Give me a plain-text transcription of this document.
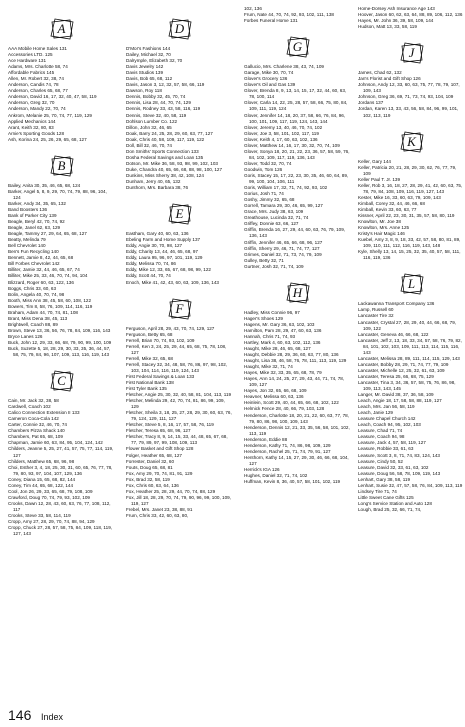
A

AAA Mobile Home Sales 131

Accessories LTD. 125

Ace Hardware 131

Adams, Mrs. Charlotte 58, 74

Affordable Fabrics 145

Allen, Mr. Robert 32, 38, 74

Anderson, Candis 74, 78

Anderson, Charles 65, 68, 77

Anderson, David 16, 17, 32, 40, 47, 58, 119

Anderson, Greg 32, 70

Anderson, Mandy 22, 70, 74

Ankrom, Melanie 25, 70, 74, 77, 119, 129

Applied Mechanics 144

Arant, Keith 32, 80, 83

Arnie's Sporting Goods 128

Ash, Korina 24, 25, 26, 29, 65, 68, 127

B

Bailey, Anita 30, 35, 46, 65, 68, 124

Barker, Angel 5, 8, 9, 29, 70, 74, 79, 88, 96, 104, 124

Barker, Andy 34, 35, 65, 132

Band Boosters 136

Bank of Parker City 139

Beagle, Beryl 42, 70, 74, 92

Beagle, Janel 62, 63, 129

Beagle, Tammy 27, 29, 64, 65, 68, 127

Beatty, Melinda 79

Bell Chevrolet 140

Ben's Fun Recycling 140

Bennett, Jamie 8, 42, 44, 65, 68

Bill Forbes Chevrolet 142

Billiter, Jamie 32, 44, 46, 65, 67, 74

Billiter, Mike 25, 33, 46, 70, 74, 94, 104

Blizzard, Roger 60, 63, 122, 136

Boggs, Chris 33, 60, 63

Bolin, Angela 40, 70, 74, 98

Booth, Miss Ann 38, 45, 58, 60, 108, 122

Bowers, Tim 8, 58, 76, 109, 114, 116, 119

Braham, Adam 44, 70, 74, 81, 108

Brant, Miss Dena 38, 45, 113

Brightwell, Coach 88, 89

Brown, Steve 13, 36, 56, 76, 78, 84, 109, 116, 143

Bryce Lanes 126

Buck, John 12, 29, 33, 66, 68, 79, 90, 99, 100, 109

Buck, Suzette 5, 18, 28, 29, 30, 33, 35, 36, 44, 57, 58, 75, 79, 84, 96, 107, 109, 113, 116, 119, 143

C

Cain, Mr. Jack 32, 38, 58

Cardwell, Coach 102

Calico Connection Extension II 133

Cameron Coca-Cola 142

Carter, Connie 32, 46, 70, 74

Chambers Pizza Shack 140

Chambers, Pat 65, 68, 109

Chapman, Jamie 60, 63, 84, 95, 104, 124, 142

Childers, Jeanne 5, 25, 27, 41, 57, 75, 77, 114, 119, 127

Childers, Matthew 65, 68, 96, 98

Choi, Esther 3, 4, 18, 25, 30, 31, 60, 65, 76, 77, 78, 79, 80, 93, 97, 104, 107, 129, 136

Coney, Diana 15, 65, 68, 82, 144

Coney, Tim 44, 65, 68, 122, 144

Cool, Jon 26, 29, 33, 65, 68, 79, 108, 109

Crawford, Doug 70, 74, 79, 93, 102, 109

Crooks, Dawn 12, 28, 43, 60, 63, 76, 77, 108, 112, 117

Crooks, Steve 33, 58, 114, 119

Cropp, Amy 27, 28, 29, 70, 74, 88, 94, 129

Cropp, Chuck 27, 28, 57, 58, 75, 84, 109, 118, 119, 127, 143

D

D'Mor's Fashions 144

Dailey, Michael 32, 70

Dalrymple, Elizabeth 32, 70

Davis Jewelry 142

Davis Studios 139

Davis, Bob 65, 68, 112

Davis, Jason 3, 12, 32, 57, 58, 66, 119

Dawson, Roy 118

Dennis, Bobby 32, 45, 70, 74

Dennis, Lisa 28, 44, 70, 74, 129

Dennis, Rodney 33, 43, 58, 116, 119

Dennis, Steve 32, 40, 58, 119

Dohlson Lumber Co. 122

Dillon, John 32, 46, 65

Doak, Barry 24, 25, 28, 29, 60, 63, 77, 127

Doak, Chris 40, 58, 109, 117, 119, 122

Doll, Bill 32, 46, 70, 74

Don Smiths' Sports Connection 133

Dosha Federal Savings and Loan 135

Dotson, Mr. Mike 36, 58, 93, 98, 99, 102, 103

Duke, Chandra 40, 65, 66, 68, 88, 98, 100, 127

Dunkins, Miss Sherry 38, 42, 108, 124

Dunham, Jerry 40, 65, 132

Dunthorn, Mrs. Barbara 38, 76

E

Eastham, Gary 40, 60, 63, 136

Ebeling Farm and Home Supply 137

Eddy, Angie 30, 70, 98, 127

Eddy, Charity 13, 44, 46, 65, 68, 97

Eddy, Laura 95, 96, 97, 101, 119, 129

Eddy, Melissa 70, 74, 86

Eddy, Mike 12, 33, 65, 67, 68, 98, 99, 122

Eddy, Scott 44, 70, 74

Enoch, Mike 41, 42, 43, 60, 63, 109, 136, 143

F

Ferguson, April 28, 29, 43, 70, 74, 129, 127

Ferguson, Betty 65, 68

Ferrell, Brian 70, 74, 93, 102, 109

Ferrell, Ken 3, 24, 25, 29, 44, 65, 68, 75, 78, 108, 127

Ferrell, Mike 32, 65, 68

Ferrell, Stacey 32, 34, 48, 58, 76, 86, 97, 98, 102, 103, 104, 114, 116, 119, 124, 143

First Federal Savings & Loan 133

First National Bank 138

First Tyler Bank 135

Fletcher, Angie 25, 30, 32, 40, 58, 81, 104, 113, 119

Fletcher, Melinda 29, 42, 70, 74, 81, 86, 99, 109, 129

Fletcher, Sheila 3, 18, 25, 27, 28, 29, 30, 60, 63, 76, 79, 124, 129, 111, 127

Fletcher, Steve 5, 8, 16, 17, 57, 58, 76, 119

Fletcher, Teresa 65, 68, 96, 127

Fletcher, Tracy 8, 9, 14, 15, 33, 44, 48, 65, 67, 68, 77, 79, 89, 97, 99, 108, 109, 113

Flower Basket and Gift Shop 128

Folger, Heather 65, 68, 127

Forrester, Daniel 32, 60

Fouts, Doug 65, 68, 81

Fox, Amy 29, 70, 74, 81, 91, 129

Fox, Brad 32, 58, 119

Fox, Chris 60, 63, 64, 136

Fox, Heather 25, 28, 29, 44, 70, 74, 88, 129

Fox, Jill 18, 28, 29, 70, 74, 79, 90, 96, 99, 100, 109, 119, 127

Frebel, Mrs. Janet 23, 38, 88, 91

Frum, Chris 33, 42, 60, 63, 80,

102, 136

Frum, Nate 44, 70, 74, 92, 93, 102, 111, 138

Forbes Funeral Home 131

G

Gallucio, Mrs. Charlene 38, 43, 74, 109

Garage, Mike 30, 70, 74

Glover's Grocery 136

Glover's Oil and Gas 139

Glover, Brenda 8, 9, 13, 14, 15, 17, 32, 44, 60, 63, 78, 100, 114

Glover, Carla 14, 22, 25, 28, 57, 58, 66, 75, 80, 84, 109, 111, 119, 124

Glover, Jennifer 14, 18, 20, 37, 58, 66, 76, 84, 96, 100, 101, 109, 117, 119, 124, 143, 144

Glover, Jeremy 13, 40, 46, 70, 74, 102

Glover, Joe 3, 58, 101, 102, 117, 119

Glover, Keith 4, 17, 60, 63, 102, 136

Glover, Matthew 14, 16, 17, 30, 32, 70, 74, 109

Glover, Sonya 18, 20, 21, 22, 23, 36, 57, 58, 59, 76, 84, 102, 109, 117, 119, 136, 143

Glover, Todd 32, 70, 74

Goodwin, Tom 126

Goris, Stacey 15, 17, 22, 23, 30, 35, 46, 60, 64, 89, 99, 100, 104, 106, 111

Goris, William 17, 32, 71, 74, 92, 93, 102

Gorius, Josh 71, 74

Goshy, Jimmy 32, 65, 68

Gorrell, Tamara 29, 30, 46, 65, 99, 127

Grace, Mrs. Judy 38, 63, 109

Greathouse, Lucinda 32, 71, 74

Griffey, Donnie 63, 66, 127

Griffin, Brenda 16, 27, 29, 44, 60, 63, 76, 79, 109, 136, 143

Griffin, Jennifer 46, 65, 66, 68, 96, 127

Griffin, Sherry 29, 46, 71, 74, 77, 127

Grimes, Daniel 32, 71, 73, 74, 79, 109

Gulley, Betty 32, 71

Gurtner, Josh 32, 71, 74, 109

H

Hadley, Miss Connie 96, 97

Hager's Shoes 129

Hagens, Mr. Gary 36, 63, 102, 103

Hamilton, Pam 28, 29, 47, 60, 63, 136

Hannah, Chris 71, 74, 93

Hartley, Mark 4, 60, 63, 102, 112, 136

Haught, Mike 28, 46, 65, 68, 127

Haught, Debbie 28, 29, 36, 60, 63, 77, 80, 136

Haught, Lisa 38, 46, 58, 76, 78, 111, 113, 119, 129

Haught, Mike 32, 71, 74

Hayes, Mike 32, 33, 35, 65, 68, 78, 79

Hayes, Ann 14, 24, 25, 27, 29, 43, 44, 71, 74, 78, 109, 127

Hayes, Jon 32, 65, 66, 68, 109

Heavner, Melissa 60, 63, 136

Heinlein, Scott 29, 40, 44, 65, 66, 68, 102, 122

Helmick Fence 28, 40, 66, 79, 103, 128

Henderson, Charlotte 18, 20, 21, 22, 60, 63, 77, 78, 79, 80, 86, 98, 100, 109, 143

Henderson, Dennis 12, 21, 33, 35, 56, 58, 101, 102, 113, 119

Henderson, Eddie 88

Henderson, Kathy 71, 74, 86, 98, 109, 129

Henderson, Rachel 25, 71, 74, 79, 91, 127

Henthorn, Kathy 14, 15, 27, 29, 30, 46, 66, 68, 104, 127

Herrick's IGA 126

Hughes, Daniel 32, 71, 74, 102

Huffman, Kevin 8, 36, 40, 57, 58, 101, 102, 119

Home-Dorsey Ash Insurance Age 143

Hoover, Jason 60, 62, 63, 64, 88, 89, 106, 112, 136

Hayes, Mr. John 36, 39, 58, 109, 144

Hudson, Matt 13, 33, 58, 119

J

James, Chad 62, 132

Jan's Florist and Gift Shop 126

Johnson, Andy 12, 33, 60, 63, 75, 77, 78, 79, 107, 109, 143

Johnson, Greg 36, 69, 71, 73, 74, 93, 104, 109

Jordans 137

Jordan, Karen 13, 33, 43, 56, 58, 84, 96, 99, 101, 102, 113, 119

K

Keller, Gary 144

Keller, Patricia 20, 21, 28, 29, 30, 62, 76, 77, 79, 109

Keller Paul T. Jr. 139

Keller, Rob 3, 16, 18, 27, 28, 29, 41, 42, 60, 63, 75, 78, 79, 84, 108, 109, 116, 119, 127, 143

Kester, Mike 16, 33, 60, 63, 79, 109, 143

Kimball, Corey 32, 44, 46, 66, 68

Kimball, Kevin 33, 60, 63, 77

Kissner, April 22, 23, 30, 31, 35, 57, 58, 80, 119

Knowlton, Mr. Joe 38

Knowlton, Mrs. Anne 125

Kristy's Hair Magic 146

Kuebel, Amy 3, 8, 9, 18, 33, 42, 57, 58, 80, 81, 89, 109, 110, 111, 112, 116, 119, 143, 148

Kyle, Shelly 13, 14, 15, 25, 32, 35, 40, 57, 58, 111, 116, 119, 136

L

Lackawanna Transport Company 136

Lamp, Russell 60

Lancaster Tire 32

Lancaster, Crystal 27, 28, 29, 40, 44, 66, 68, 79, 109, 122

Lancaster, Geneva 46, 66, 68, 122

Lancaster, Jeff 2, 13, 18, 33, 34, 57, 58, 76, 79, 82, 84, 101, 102, 103, 109, 111, 113, 114, 115, 116, 143

Lancaster, Melissa 28, 89, 111, 114, 115, 129, 143

Lancaster, Bobby 28, 29, 71, 74, 77, 79, 109

Lancaster, Michelle 12, 25, 32, 61, 63, 109

Lancaster, Teresa 25, 66, 68, 75, 129

Lancaster, Tina 3, 34, 36, 57, 58, 75, 76, 86, 98, 109, 113, 143, 145

Langer, Mr. David 38, 37, 36, 58, 109

Leach, Angie 18, 17, 58, 58, 88, 119, 127

Leach, Mrs. Jan 56, 58, 119

Leach, Janie 129

Leasure Chapel Church 142

Leach, Coach 94, 95, 102, 103

Leasure, Chad 71, 74

Leasure, Coach 94, 98

Leasure, Jack 4, 57, 58, 119, 127

Leasure, Robbie 33, 61, 63

Leasure, Scott 3, 8, 71, 74, 83, 124, 143

Leasure, Cindy 50, 52

Leasure, David 32, 33, 61, 63, 102

Leasure, Doug 56, 58, 78, 109, 119, 143

Lenhart, Gary 38, 58, 119

Lenhart, Susie 32, 47, 57, 58, 76, 84, 109, 113, 119

Lindsey Tire 71, 74

Little Sweet Cane Gifts 125

Long's Service Station and Auto 128

Lough, Brad 25, 32, 66, 71, 74,

146 Index
